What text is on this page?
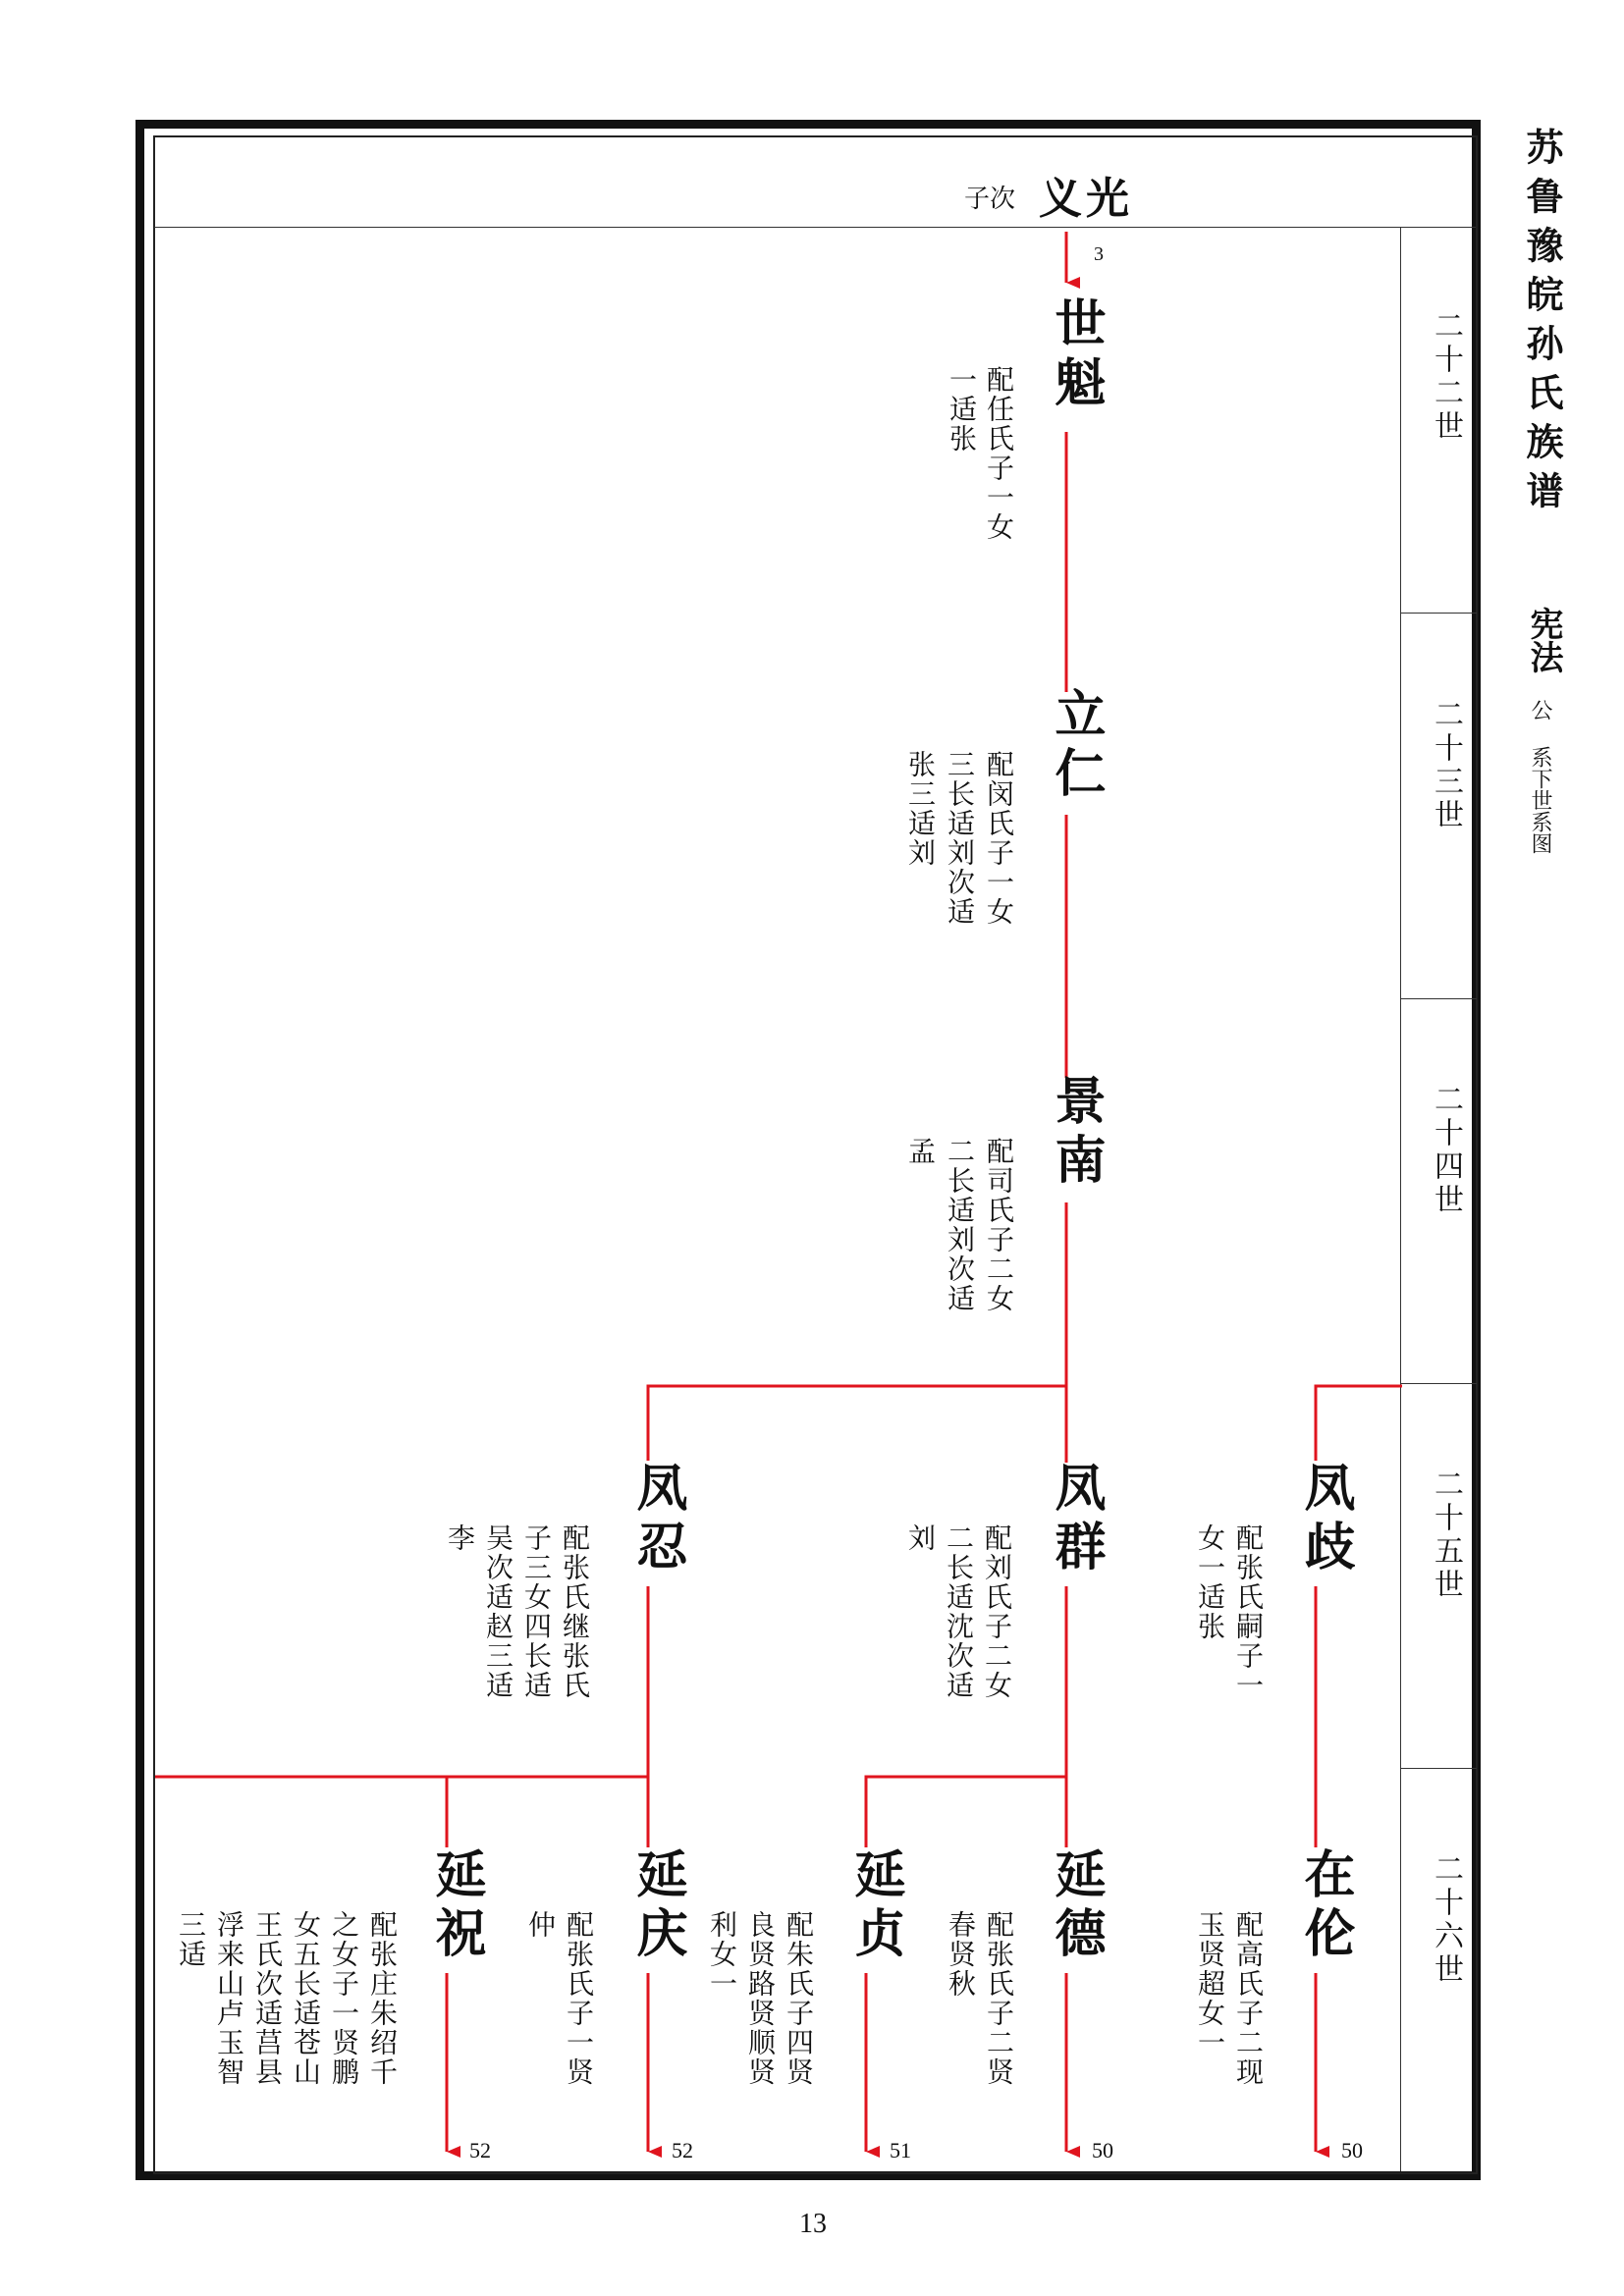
二十二世
二十三世
二十四世
二十五世
二十六世
苏鲁豫皖孙氏族谱
宪法
公
系下世系图
子次 义光
3
世魁
配任氏子一女
一适张
立仁
配闵氏子一女
三长适刘次适
张三适刘
景南
配司氏子二女
二长适刘次适
孟
凤忍
配张氏继张氏
子三女四长适
吴次适赵三适
李	凤群
配刘氏子二女
二长适沈次适
刘	凤歧
配张氏嗣子一
女一适张
延祝
配张庄朱绍千
之女子一贤鹏
女五长适苍山
王氏次适莒县
浮来山卢玉智
三适
52
延庆
配张氏子一贤
仲
52
延贞
配朱氏子四贤
良贤路贤顺贤
利女一
51
延德
配张氏子二贤
春贤秋
50
在伦
配高氏子二现
玉贤超女一
50
13
